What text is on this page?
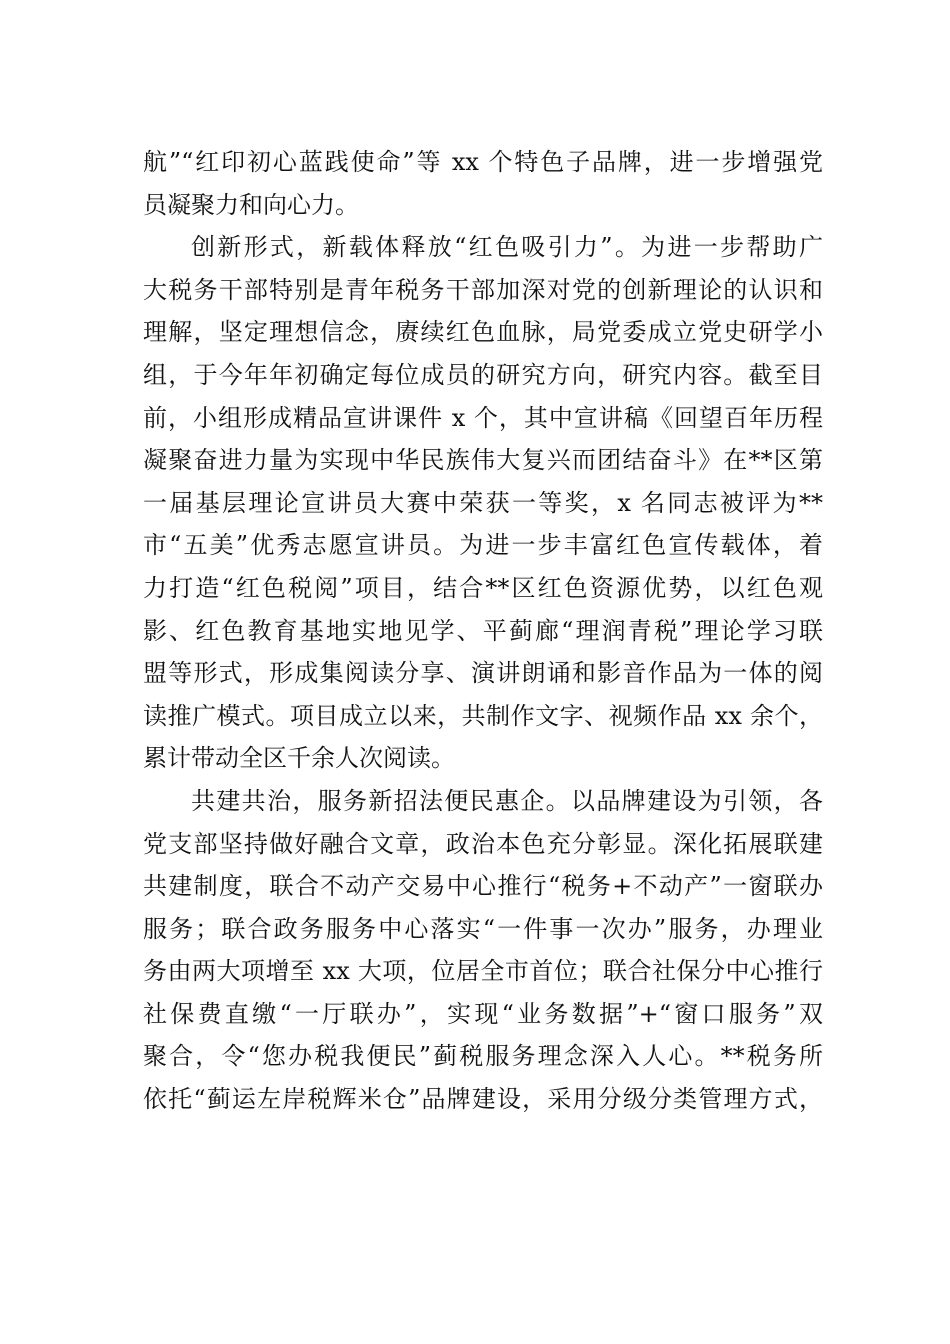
航”“红印初心蓝践使命”等 xx 个特色子品牌，进一步增强党
员凝聚力和向心力。

创新形式，新载体释放“红色吸引力”。为进一步帮助广
大税务干部特别是青年税务干部加深对党的创新理论的认识和
理解，坚定理想信念，赓续红色血脉，局党委成立党史研学小
组，于今年年初确定每位成员的研究方向，研究内容。截至目
前，小组形成精品宣讲课件 x 个，其中宣讲稿《回望百年历程
凝聚奋进力量为实现中华民族伟大复兴而团结奋斗》在**区第
一届基层理论宣讲员大赛中荣获一等奖，x 名同志被评为**
市“五美”优秀志愿宣讲员。为进一步丰富红色宣传载体，着
力打造“红色税阅”项目，结合**区红色资源优势，以红色观
影、红色教育基地实地见学、平蓟廊“理润青税”理论学习联
盟等形式，形成集阅读分享、演讲朗诵和影音作品为一体的阅
读推广模式。项目成立以来，共制作文字、视频作品 xx 余个，
累计带动全区千余人次阅读。

共建共治，服务新招法便民惠企。以品牌建设为引领，各
党支部坚持做好融合文章，政治本色充分彰显。深化拓展联建
共建制度，联合不动产交易中心推行“税务+不动产”一窗联办
服务；联合政务服务中心落实“一件事一次办”服务，办理业
务由两大项增至 xx 大项，位居全市首位；联合社保分中心推行
社保费直缴“一厅联办”，实现“业务数据”+“窗口服务”双
聚合，令“您办税我便民”蓟税服务理念深入人心。**税务所
依托“蓟运左岸税辉米仓”品牌建设，采用分级分类管理方式，
